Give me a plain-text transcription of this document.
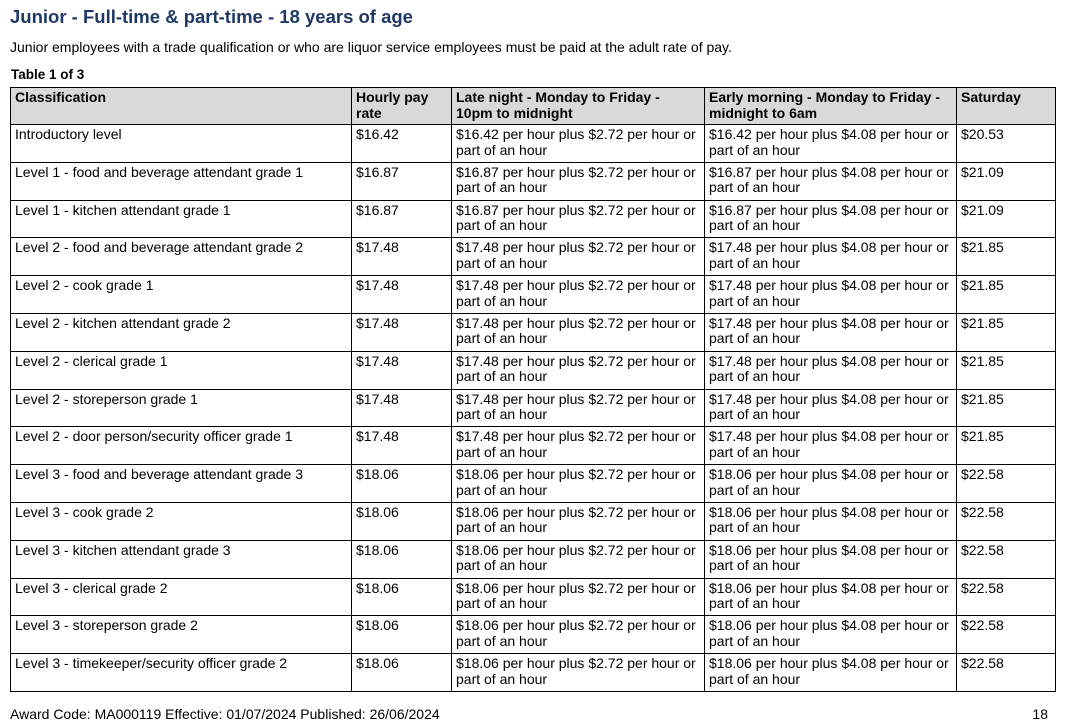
Junior - Full-time & part-time - 18 years of age
Junior employees with a trade qualification or who are liquor service employees must be paid at the adult rate of pay.
Table 1 of 3
Classification	Hourly pay rate	Late night - Monday to Friday - 10pm to midnight	Early morning - Monday to Friday - midnight to 6am	Saturday
Introductory level	$16.42	$16.42 per hour plus $2.72 per hour or part of an hour	$16.42 per hour plus $4.08 per hour or part of an hour	$20.53
Level 1 - food and beverage attendant grade 1	$16.87	$16.87 per hour plus $2.72 per hour or part of an hour	$16.87 per hour plus $4.08 per hour or part of an hour	$21.09
Level 1 - kitchen attendant grade 1	$16.87	$16.87 per hour plus $2.72 per hour or part of an hour	$16.87 per hour plus $4.08 per hour or part of an hour	$21.09
Level 2 - food and beverage attendant grade 2	$17.48	$17.48 per hour plus $2.72 per hour or part of an hour	$17.48 per hour plus $4.08 per hour or part of an hour	$21.85
Level 2 - cook grade 1	$17.48	$17.48 per hour plus $2.72 per hour or part of an hour	$17.48 per hour plus $4.08 per hour or part of an hour	$21.85
Level 2 - kitchen attendant grade 2	$17.48	$17.48 per hour plus $2.72 per hour or part of an hour	$17.48 per hour plus $4.08 per hour or part of an hour	$21.85
Level 2 - clerical grade 1	$17.48	$17.48 per hour plus $2.72 per hour or part of an hour	$17.48 per hour plus $4.08 per hour or part of an hour	$21.85
Level 2 - storeperson grade 1	$17.48	$17.48 per hour plus $2.72 per hour or part of an hour	$17.48 per hour plus $4.08 per hour or part of an hour	$21.85
Level 2 - door person/security officer grade 1	$17.48	$17.48 per hour plus $2.72 per hour or part of an hour	$17.48 per hour plus $4.08 per hour or part of an hour	$21.85
Level 3 - food and beverage attendant grade 3	$18.06	$18.06 per hour plus $2.72 per hour or part of an hour	$18.06 per hour plus $4.08 per hour or part of an hour	$22.58
Level 3 - cook grade 2	$18.06	$18.06 per hour plus $2.72 per hour or part of an hour	$18.06 per hour plus $4.08 per hour or part of an hour	$22.58
Level 3 - kitchen attendant grade 3	$18.06	$18.06 per hour plus $2.72 per hour or part of an hour	$18.06 per hour plus $4.08 per hour or part of an hour	$22.58
Level 3 - clerical grade 2	$18.06	$18.06 per hour plus $2.72 per hour or part of an hour	$18.06 per hour plus $4.08 per hour or part of an hour	$22.58
Level 3 - storeperson grade 2	$18.06	$18.06 per hour plus $2.72 per hour or part of an hour	$18.06 per hour plus $4.08 per hour or part of an hour	$22.58
Level 3 - timekeeper/security officer grade 2	$18.06	$18.06 per hour plus $2.72 per hour or part of an hour	$18.06 per hour plus $4.08 per hour or part of an hour	$22.58
Award Code: MA000119 Effective: 01/07/2024 Published: 26/06/2024	18
